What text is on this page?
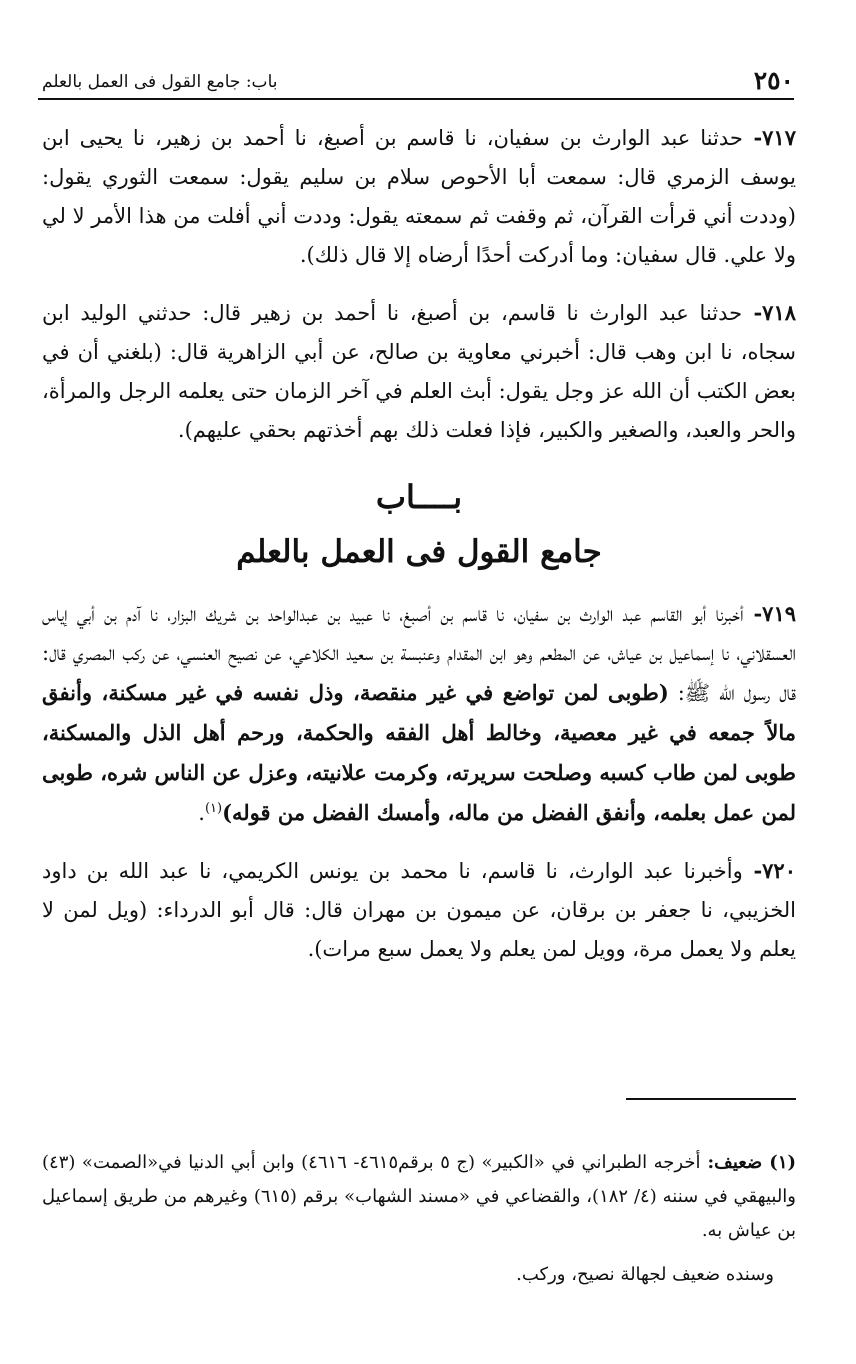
٢٥٠
باب: جامع القول فى العمل بالعلم

٧١٧- حدثنا عبد الوارث بن سفيان، نا قاسم بن أصبغ، نا أحمد بن زهير، نا يحيى ابن يوسف الزمري قال: سمعت أبا الأحوص سلام بن سليم يقول: سمعت الثوري يقول: (وددت أني قرأت القرآن، ثم وقفت ثم سمعته يقول: وددت أني أفلت من هذا الأمر لا لي ولا علي. قال سفيان: وما أدركت أحدًا أرضاه إلا قال ذلك).

٧١٨- حدثنا عبد الوارث نا قاسم، بن أصبغ، نا أحمد بن زهير قال: حدثني الوليد ابن سجاه، نا ابن وهب قال: أخبرني معاوية بن صالح، عن أبي الزاهرية قال: (بلغني أن في بعض الكتب أن الله عز وجل يقول: أبث العلم في آخر الزمان حتى يعلمه الرجل والمرأة، والحر والعبد، والصغير والكبير، فإذا فعلت ذلك بهم أخذتهم بحقي عليهم).

بــــاب
جامع القول فى العمل بالعلم

٧١٩- أخبرنا أبو القاسم عبد الوارث بن سفيان، نا قاسم بن أصبغ، نا عبيد بن عبدالواحد بن شريك البزار، نا آدم بن أبي إياس العسقلاني، نا إسماعيل بن عياش، عن المطعم وهو ابن المقدام وعنبسة بن سعيد الكلاعي، عن نصيح العنسي، عن ركب المصري قال: قال رسول الله ﷺ: (طوبى لمن تواضع في غير منقصة، وذل نفسه في غير مسكنة، وأنفق مالاً جمعه في غير معصية، وخالط أهل الفقه والحكمة، ورحم أهل الذل والمسكنة، طوبى لمن طاب كسبه وصلحت سريرته، وكرمت علانيته، وعزل عن الناس شره، طوبى لمن عمل بعلمه، وأنفق الفضل من ماله، وأمسك الفضل من قوله)$^{(١)}$.

٧٢٠- وأخبرنا عبد الوارث، نا قاسم، نا محمد بن يونس الكريمي، نا عبد الله بن داود الخزيبي، نا جعفر بن برقان، عن ميمون بن مهران قال: قال أبو الدرداء: (ويل لمن لا يعلم ولا يعمل مرة، وويل لمن يعلم ولا يعمل سبع مرات).

(١) ضعيف: أخرجه الطبراني في «الكبير» (ج ٥ برقم٤٦١٥- ٤٦١٦) وابن أبي الدنيا في«الصمت» (٤٣) والبيهقي في سننه (٤/ ١٨٢)، والقضاعي في «مسند الشهاب» برقم (٦١٥) وغيرهم من طريق إسماعيل بن عياش به.

وسنده ضعيف لجهالة نصيح، وركب.
